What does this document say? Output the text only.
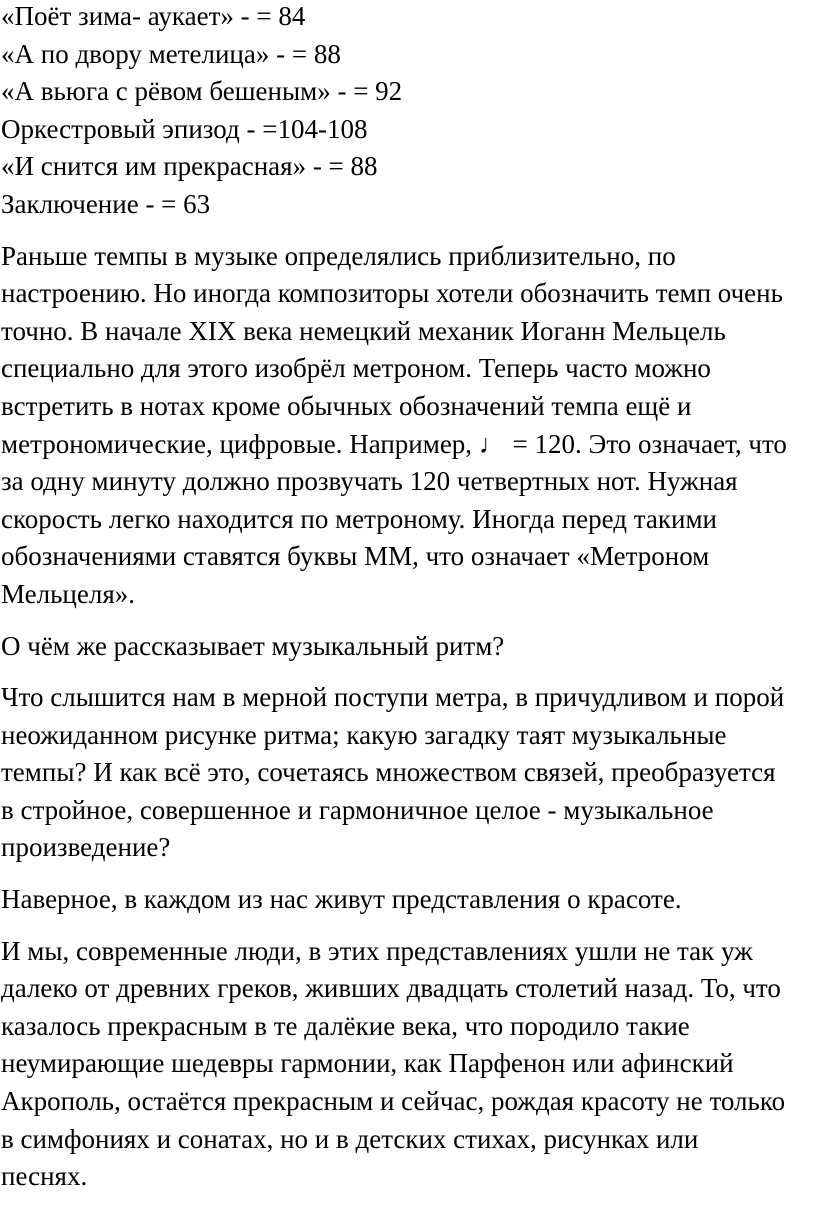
«Поёт зима- аукает» - = 84
«А по двору метелица» - = 88
«А вьюга с рёвом бешеным» - = 92
Оркестровый эпизод - =104-108
«И снится им прекрасная» - = 88
Заключение - = 63

Раньше темпы в музыке определялись приблизительно, по
настроению. Но иногда композиторы хотели обозначить темп очень
точно. В начале XIX века немецкий механик Иоганн Мельцель
специально для этого изобрёл метроном. Теперь часто можно
встретить в нотах кроме обычных обозначений темпа ещё и
метрономические, цифровые. Например, ♩ = 120. Это означает, что
за одну минуту должно прозвучать 120 четвертных нот. Нужная
скорость легко находится по метроному. Иногда перед такими
обозначениями ставятся буквы ММ, что означает «Метроном
Мельцеля».

О чём же рассказывает музыкальный ритм?

Что слышится нам в мерной поступи метра, в причудливом и порой
неожиданном рисунке ритма; какую загадку таят музыкальные
темпы? И как всё это, сочетаясь множеством связей, преобразуется
в стройное, совершенное и гармоничное целое - музыкальное
произведение?

Наверное, в каждом из нас живут представления о красоте.

И мы, современные люди, в этих представлениях ушли не так уж
далеко от древних греков, живших двадцать столетий назад. То, что
казалось прекрасным в те далёкие века, что породило такие
неумирающие шедевры гармонии, как Парфенон или афинский
Акрополь, остаётся прекрасным и сейчас, рождая красоту не только
в симфониях и сонатах, но и в детских стихах, рисунках или
песнях.
